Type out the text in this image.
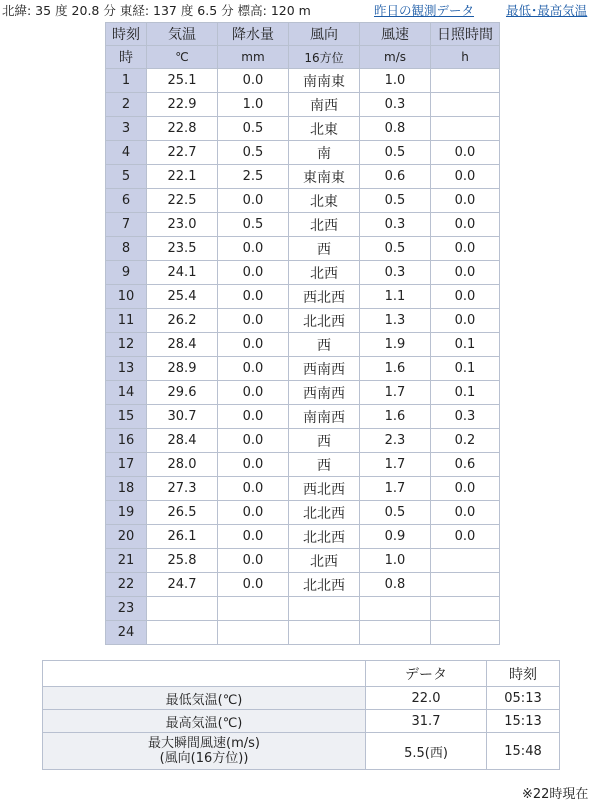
北緯: 35 度 20.8 分 東経: 137 度 6.5 分 標高: 120 m	昨日の観測データ	最低･最高気温
時刻	気温	降水量	風向	風速	日照時間
時	℃	mm	16方位	m/s	h
1	25.1	0.0	南南東	1.0	
2	22.9	1.0	南西	0.3	
3	22.8	0.5	北東	0.8	
4	22.7	0.5	南	0.5	0.0
5	22.1	2.5	東南東	0.6	0.0
6	22.5	0.0	北東	0.5	0.0
7	23.0	0.5	北西	0.3	0.0
8	23.5	0.0	西	0.5	0.0
9	24.1	0.0	北西	0.3	0.0
10	25.4	0.0	西北西	1.1	0.0
11	26.2	0.0	北北西	1.3	0.0
12	28.4	0.0	西	1.9	0.1
13	28.9	0.0	西南西	1.6	0.1
14	29.6	0.0	西南西	1.7	0.1
15	30.7	0.0	南南西	1.6	0.3
16	28.4	0.0	西	2.3	0.2
17	28.0	0.0	西	1.7	0.6
18	27.3	0.0	西北西	1.7	0.0
19	26.5	0.0	北北西	0.5	0.0
20	26.1	0.0	北北西	0.9	0.0
21	25.8	0.0	北西	1.0	
22	24.7	0.0	北北西	0.8	
23					
24					
	データ	時刻
最低気温(℃)	22.0	05:13
最高気温(℃)	31.7	15:13
最大瞬間風速(m/s)
(風向(16方位))	5.5(西)	15:48
※22時現在
